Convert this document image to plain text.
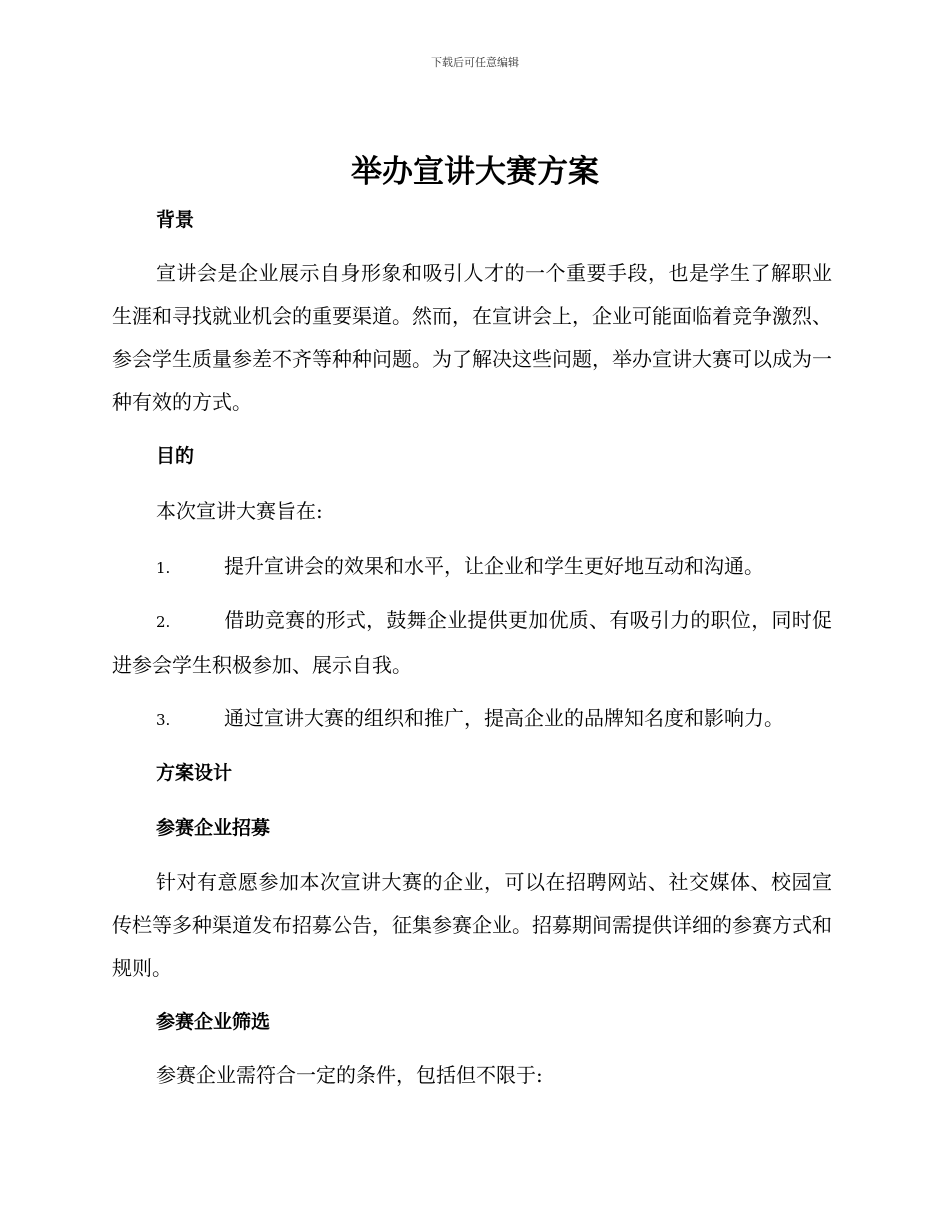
下载后可任意编辑
举办宣讲大赛方案
背景
宣讲会是企业展示自身形象和吸引人才的一个重要手段，也是学生了解职业生涯和寻找就业机会的重要渠道。然而，在宣讲会上，企业可能面临着竞争激烈、参会学生质量参差不齐等种种问题。为了解决这些问题，举办宣讲大赛可以成为一种有效的方式。
目的
本次宣讲大赛旨在:
1.	提升宣讲会的效果和水平，让企业和学生更好地互动和沟通。
2.	借助竞赛的形式，鼓舞企业提供更加优质、有吸引力的职位，同时促进参会学生积极参加、展示自我。
3.	通过宣讲大赛的组织和推广，提高企业的品牌知名度和影响力。
方案设计
参赛企业招募
针对有意愿参加本次宣讲大赛的企业，可以在招聘网站、社交媒体、校园宣传栏等多种渠道发布招募公告，征集参赛企业。招募期间需提供详细的参赛方式和规则。
参赛企业筛选
参赛企业需符合一定的条件，包括但不限于:
